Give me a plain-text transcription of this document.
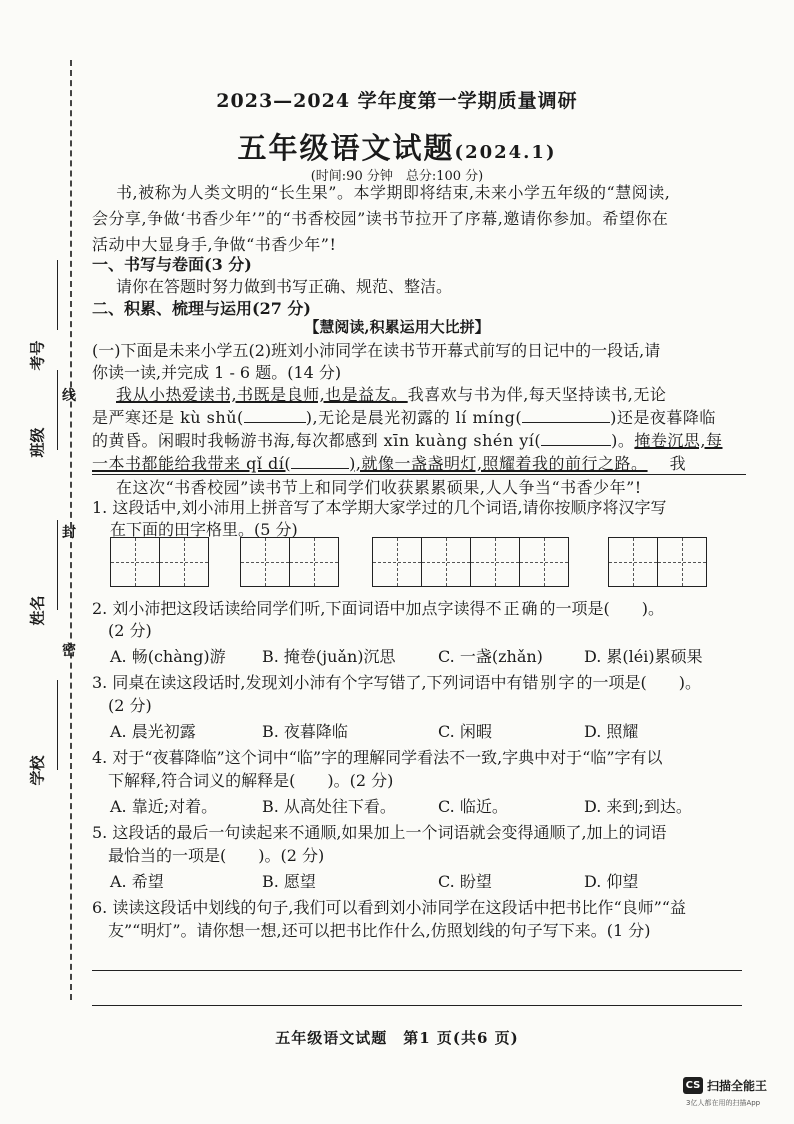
学校
姓名
班级
考号
密
封
线
2023—2024 学年度第一学期质量调研
五年级语文试题(2024.1)
(时间:90 分钟　总分:100 分)
书,被称为人类文明的“长生果”。本学期即将结束,未来小学五年级的“慧阅读,
会分享,争做‘书香少年’”的“书香校园”读书节拉开了序幕,邀请你参加。希望你在
活动中大显身手,争做“书香少年”!
一、书写与卷面(3 分)
请你在答题时努力做到书写正确、规范、整洁。
二、积累、梳理与运用(27 分)
【慧阅读,积累运用大比拼】
(一)下面是未来小学五(2)班刘小沛同学在读书节开幕式前写的日记中的一段话,请
你读一读,并完成 1 - 6 题。(14 分)
我从小热爱读书,书既是良师,也是益友。我喜欢与书为伴,每天坚持读书,无论
是严寒还是 kù shǔ(	),无论是晨光初露的 lí míng(	)还是夜暮降临
的黄昏。闲暇时我畅游书海,每次都感到 xīn kuàng shén yí(	)。掩卷沉思,每
一本书都能给我带来 qǐ dí(	),就像一盏盏明灯,照耀着我的前行之路。 我
在这次“书香校园”读书节上和同学们收获累累硕果,人人争当“书香少年”!
1. 这段话中,刘小沛用上拼音写了本学期大家学过的几个词语,请你按顺序将汉字写
在下面的田字格里。(5 分)
2. 刘小沛把这段话读给同学们听,下面词语中加点字读得不正确的一项是(　　)。
(2 分)
A. 畅(chàng)游 B. 掩卷(juǎn)沉思	C. 一盏(zhǎn)	D. 累(léi)累硕果
3. 同桌在读这段话时,发现刘小沛有个字写错了,下列词语中有错别字的一项是(　　)。
(2 分)
A. 晨光初露	B. 夜暮降临	C. 闲暇	D. 照耀
4. 对于“夜暮降临”这个词中“临”字的理解同学看法不一致,字典中对于“临”字有以
下解释,符合词义的解释是(　　)。(2 分)
A. 靠近;对着。	B. 从高处往下看。	C. 临近。	D. 来到;到达。
5. 这段话的最后一句读起来不通顺,如果加上一个词语就会变得通顺了,加上的词语
最恰当的一项是(　　)。(2 分)
A. 希望	B. 愿望	C. 盼望	D. 仰望
6. 读读这段话中划线的句子,我们可以看到刘小沛同学在这段话中把书比作“良师”“益
友”“明灯”。请你想一想,还可以把书比作什么,仿照划线的句子写下来。(1 分)
五年级语文试题　第1 页(共6 页)
CS 扫描全能王
3亿人都在用的扫描App
